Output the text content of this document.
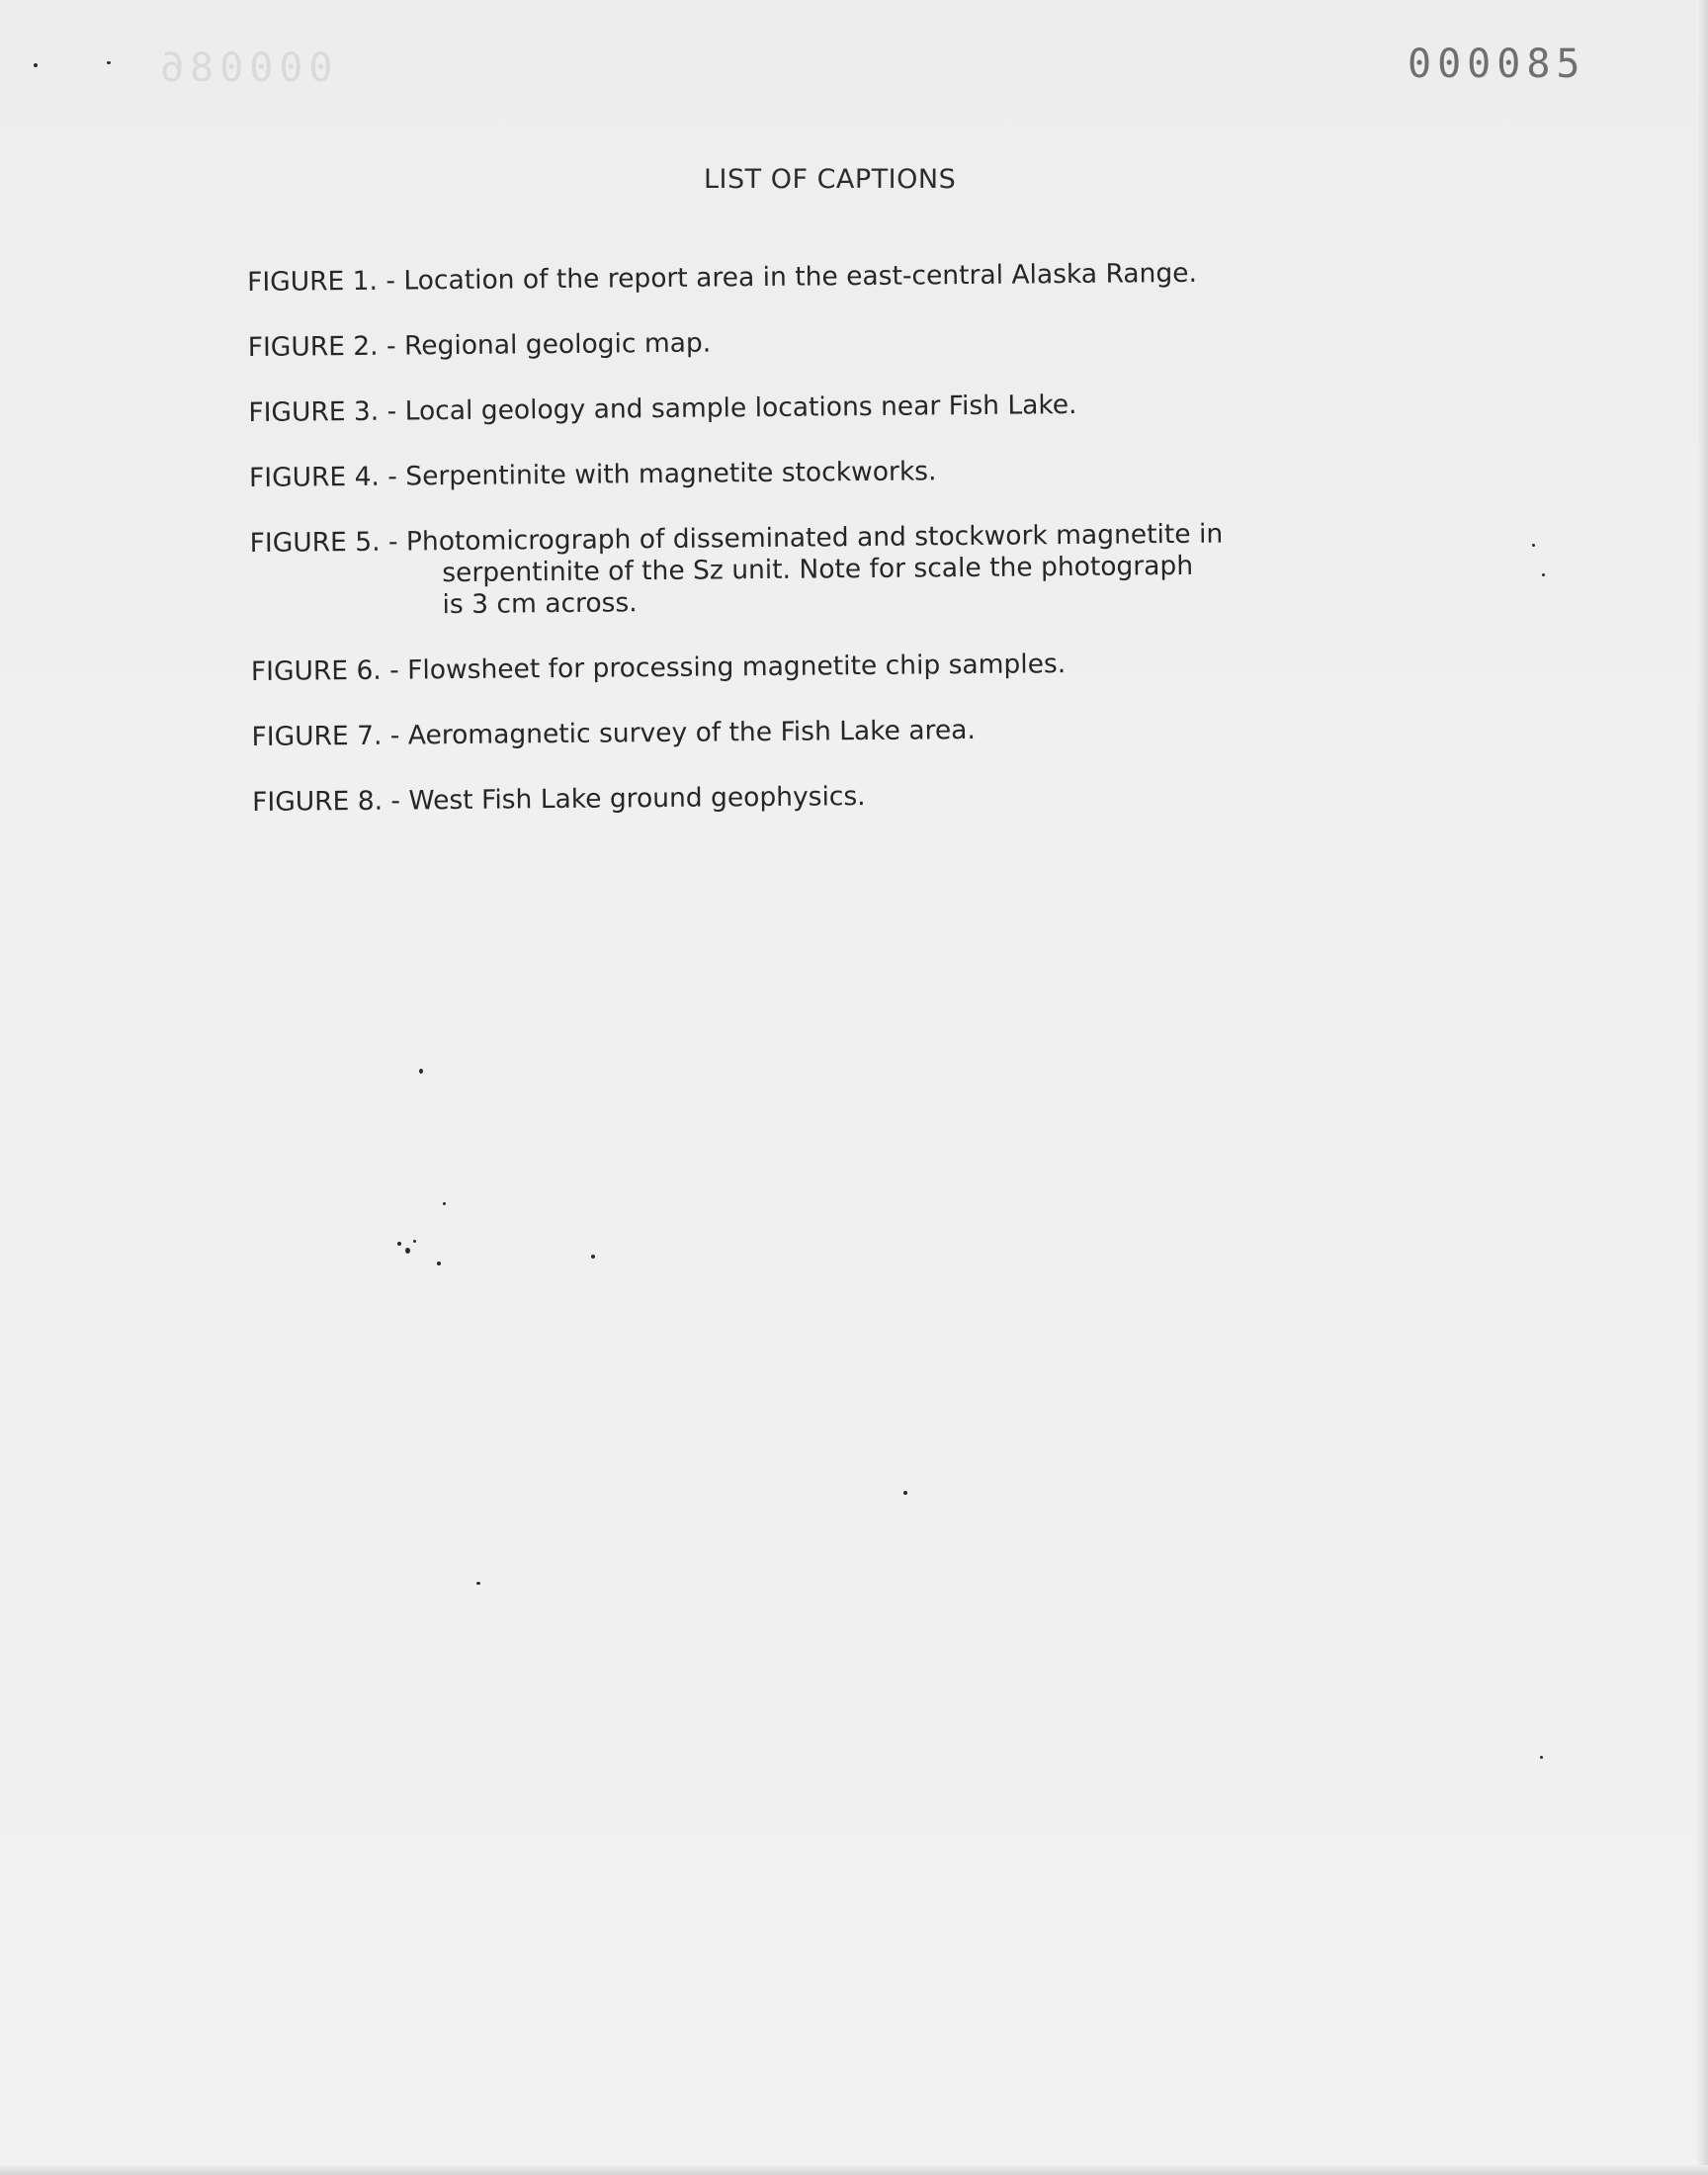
000086	000085
LIST OF CAPTIONS
FIGURE 1. - Location of the report area in the east-central Alaska Range.
FIGURE 2. - Regional geologic map.
FIGURE 3. - Local geology and sample locations near Fish Lake.
FIGURE 4. - Serpentinite with magnetite stockworks.
FIGURE 5. - Photomicrograph of disseminated and stockwork magnetite in
serpentinite of the Sz unit. Note for scale the photograph
is 3 cm across.
FIGURE 6. - Flowsheet for processing magnetite chip samples.
FIGURE 7. - Aeromagnetic survey of the Fish Lake area.
FIGURE 8. - West Fish Lake ground geophysics.
